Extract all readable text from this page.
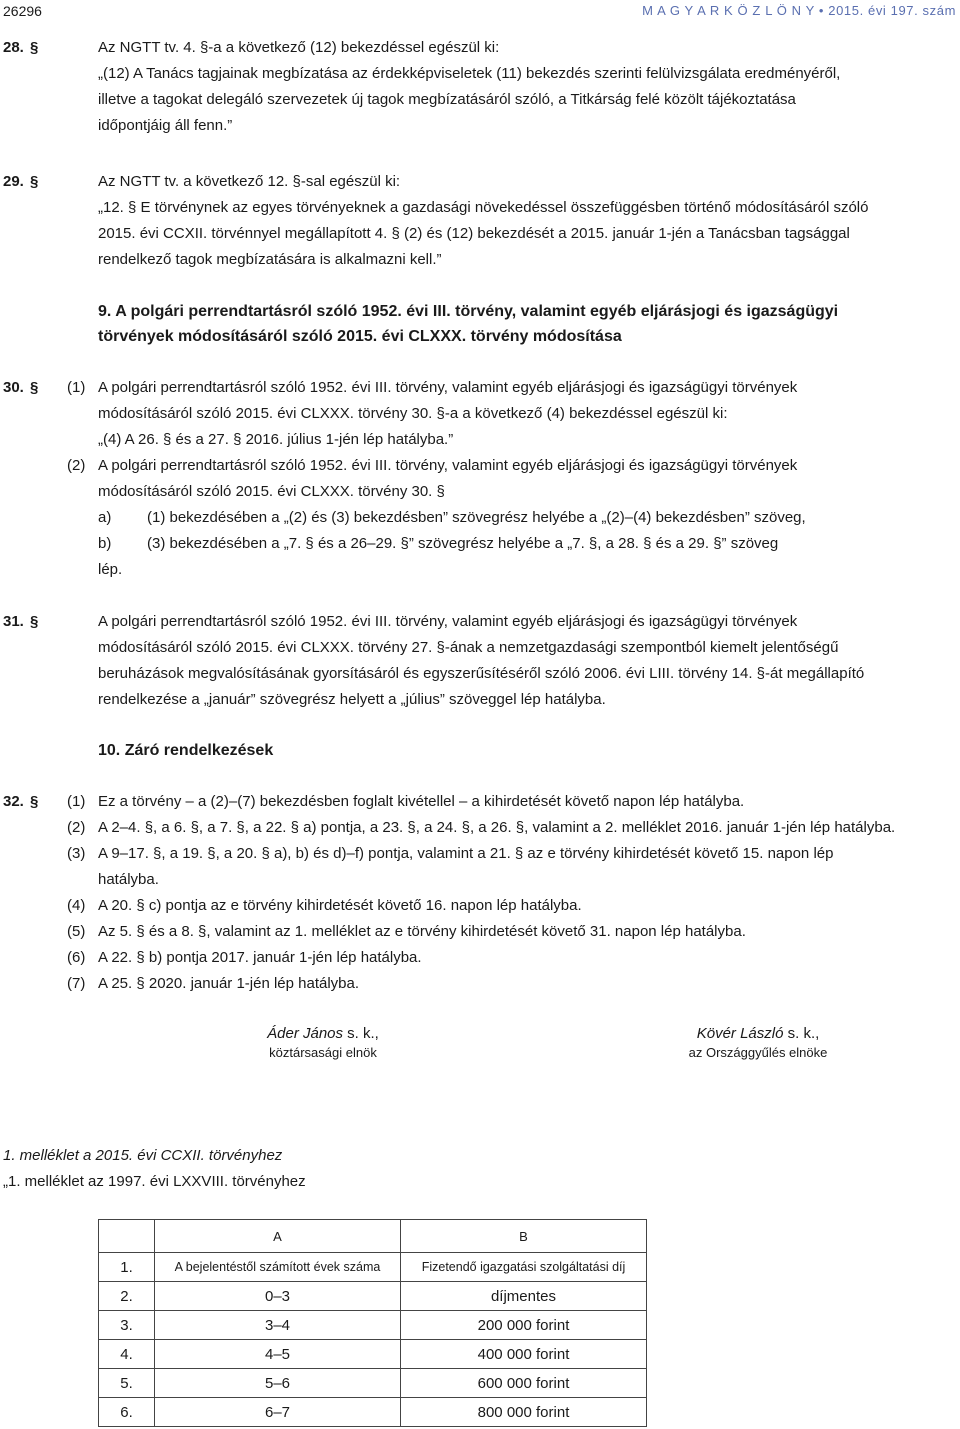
26296	M A G Y A R K Ö Z L Ö N Y • 2015. évi 197. szám
28. §	Az NGTT tv. 4. §-a a következő (12) bekezdéssel egészül ki:
„(12) A Tanács tagjainak megbízatása az érdekképviseletek (11) bekezdés szerinti felülvizsgálata eredményéről,
illetve a tagokat delegáló szervezetek új tagok megbízatásáról szóló, a Titkárság felé közölt tájékoztatása
időpontjáig áll fenn.”
29. §	Az NGTT tv. a következő 12. §-sal egészül ki:
„12. § E törvénynek az egyes törvényeknek a gazdasági növekedéssel összefüggésben történő módosításáról szóló
2015. évi CCXII. törvénnyel megállapított 4. § (2) és (12) bekezdését a 2015. január 1-jén a Tanácsban tagsággal
rendelkező tagok megbízatására is alkalmazni kell.”
9. A polgári perrendtartásról szóló 1952. évi III. törvény, valamint egyéb eljárásjogi és igazságügyi
törvények módosításáról szóló 2015. évi CLXXX. törvény módosítása
30. § (1) A polgári perrendtartásról szóló 1952. évi III. törvény, valamint egyéb eljárásjogi és igazságügyi törvények
módosításáról szóló 2015. évi CLXXX. törvény 30. §-a a következő (4) bekezdéssel egészül ki:
„(4) A 26. § és a 27. § 2016. július 1-jén lép hatályba.”
(2) A polgári perrendtartásról szóló 1952. évi III. törvény, valamint egyéb eljárásjogi és igazságügyi törvények
módosításáról szóló 2015. évi CLXXX. törvény 30. §
a) (1) bekezdésében a „(2) és (3) bekezdésben” szövegrész helyébe a „(2)–(4) bekezdésben” szöveg,
b) (3) bekezdésében a „7. § és a 26–29. §” szövegrész helyébe a „7. §, a 28. § és a 29. §” szöveg
lép.
31. §	A polgári perrendtartásról szóló 1952. évi III. törvény, valamint egyéb eljárásjogi és igazságügyi törvények
módosításáról szóló 2015. évi CLXXX. törvény 27. §-ának a nemzetgazdasági szempontból kiemelt jelentőségű
beruházások megvalósításának gyorsításáról és egyszerűsítéséről szóló 2006. évi LIII. törvény 14. §-át megállapító
rendelkezése a „január” szövegrész helyett a „július” szöveggel lép hatályba.
10. Záró rendelkezések
32. § (1) Ez a törvény – a (2)–(7) bekezdésben foglalt kivétellel – a kihirdetését követő napon lép hatályba.
(2) A 2–4. §, a 6. §, a 7. §, a 22. § a) pontja, a 23. §, a 24. §, a 26. §, valamint a 2. melléklet 2016. január 1-jén lép hatályba.
(3) A 9–17. §, a 19. §, a 20. § a), b) és d)–f) pontja, valamint a 21. § az e törvény kihirdetését követő 15. napon lép
hatályba.
(4) A 20. § c) pontja az e törvény kihirdetését követő 16. napon lép hatályba.
(5) Az 5. § és a 8. §, valamint az 1. melléklet az e törvény kihirdetését követő 31. napon lép hatályba.
(6) A 22. § b) pontja 2017. január 1-jén lép hatályba.
(7) A 25. § 2020. január 1-jén lép hatályba.
Áder János s. k.,
köztársasági elnök
Kövér László s. k.,
az Országgyűlés elnöke
1. melléklet a 2015. évi CCXII. törvényhez
„1. melléklet az 1997. évi LXXVIII. törvényhez
	A	B
1.	A bejelentéstől számított évek száma	Fizetendő igazgatási szolgáltatási díj
2.	0–3	díjmentes
3.	3–4	200 000 forint
4.	4–5	400 000 forint
5.	5–6	600 000 forint
6.	6–7	800 000 forint
